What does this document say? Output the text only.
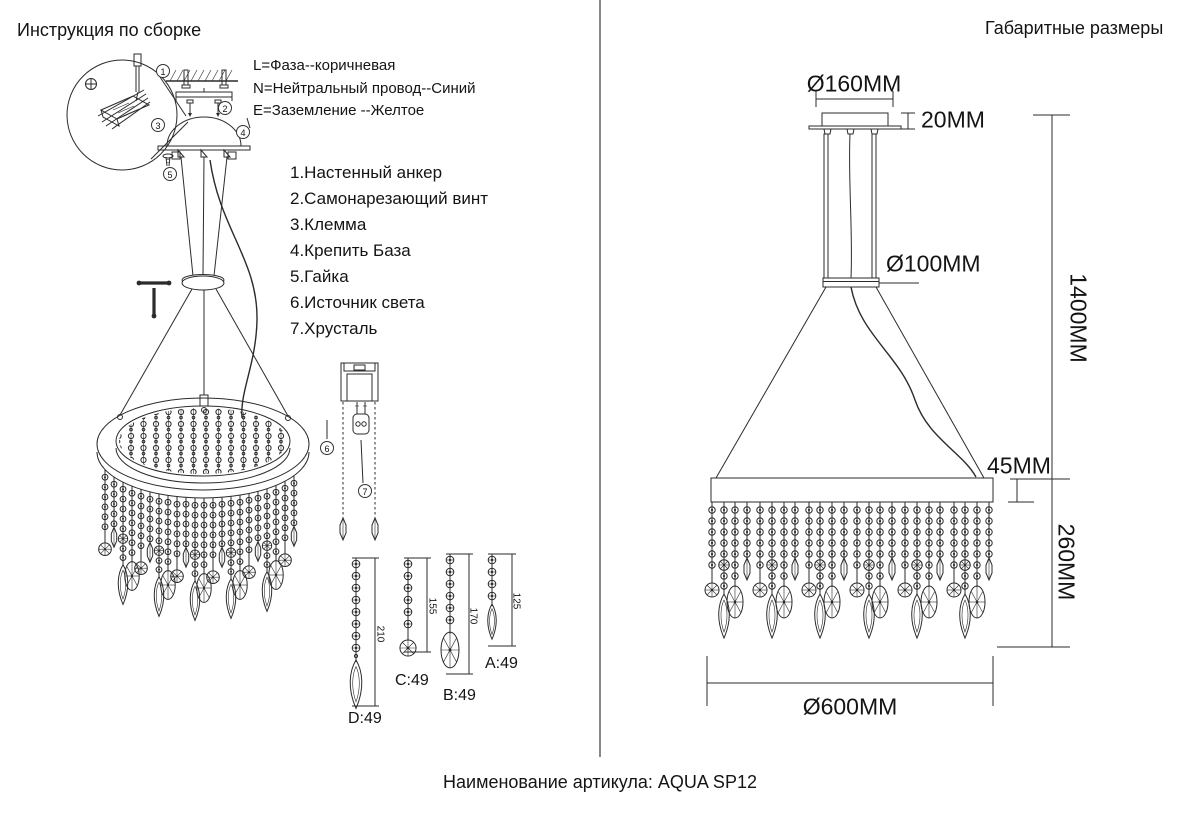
Инструкция по сборке	Габаритные размеры
L=Фаза--коричневая
N=Нейтральный провод--Синий
E=Заземление --Желтое
1.Настенный анкер
2.Самонарезающий винт
3.Клемма
4.Крепить База
5.Гайка
6.Источник света
7.Хрусталь
1
2
3
4
5
6
7
D:49
C:49
B:49
A:49
210
155
170
125
Ø160MM
20MM
Ø100MM
1400MM
45MM
260MM
Ø600MM
Наименование артикула: AQUA SP12
